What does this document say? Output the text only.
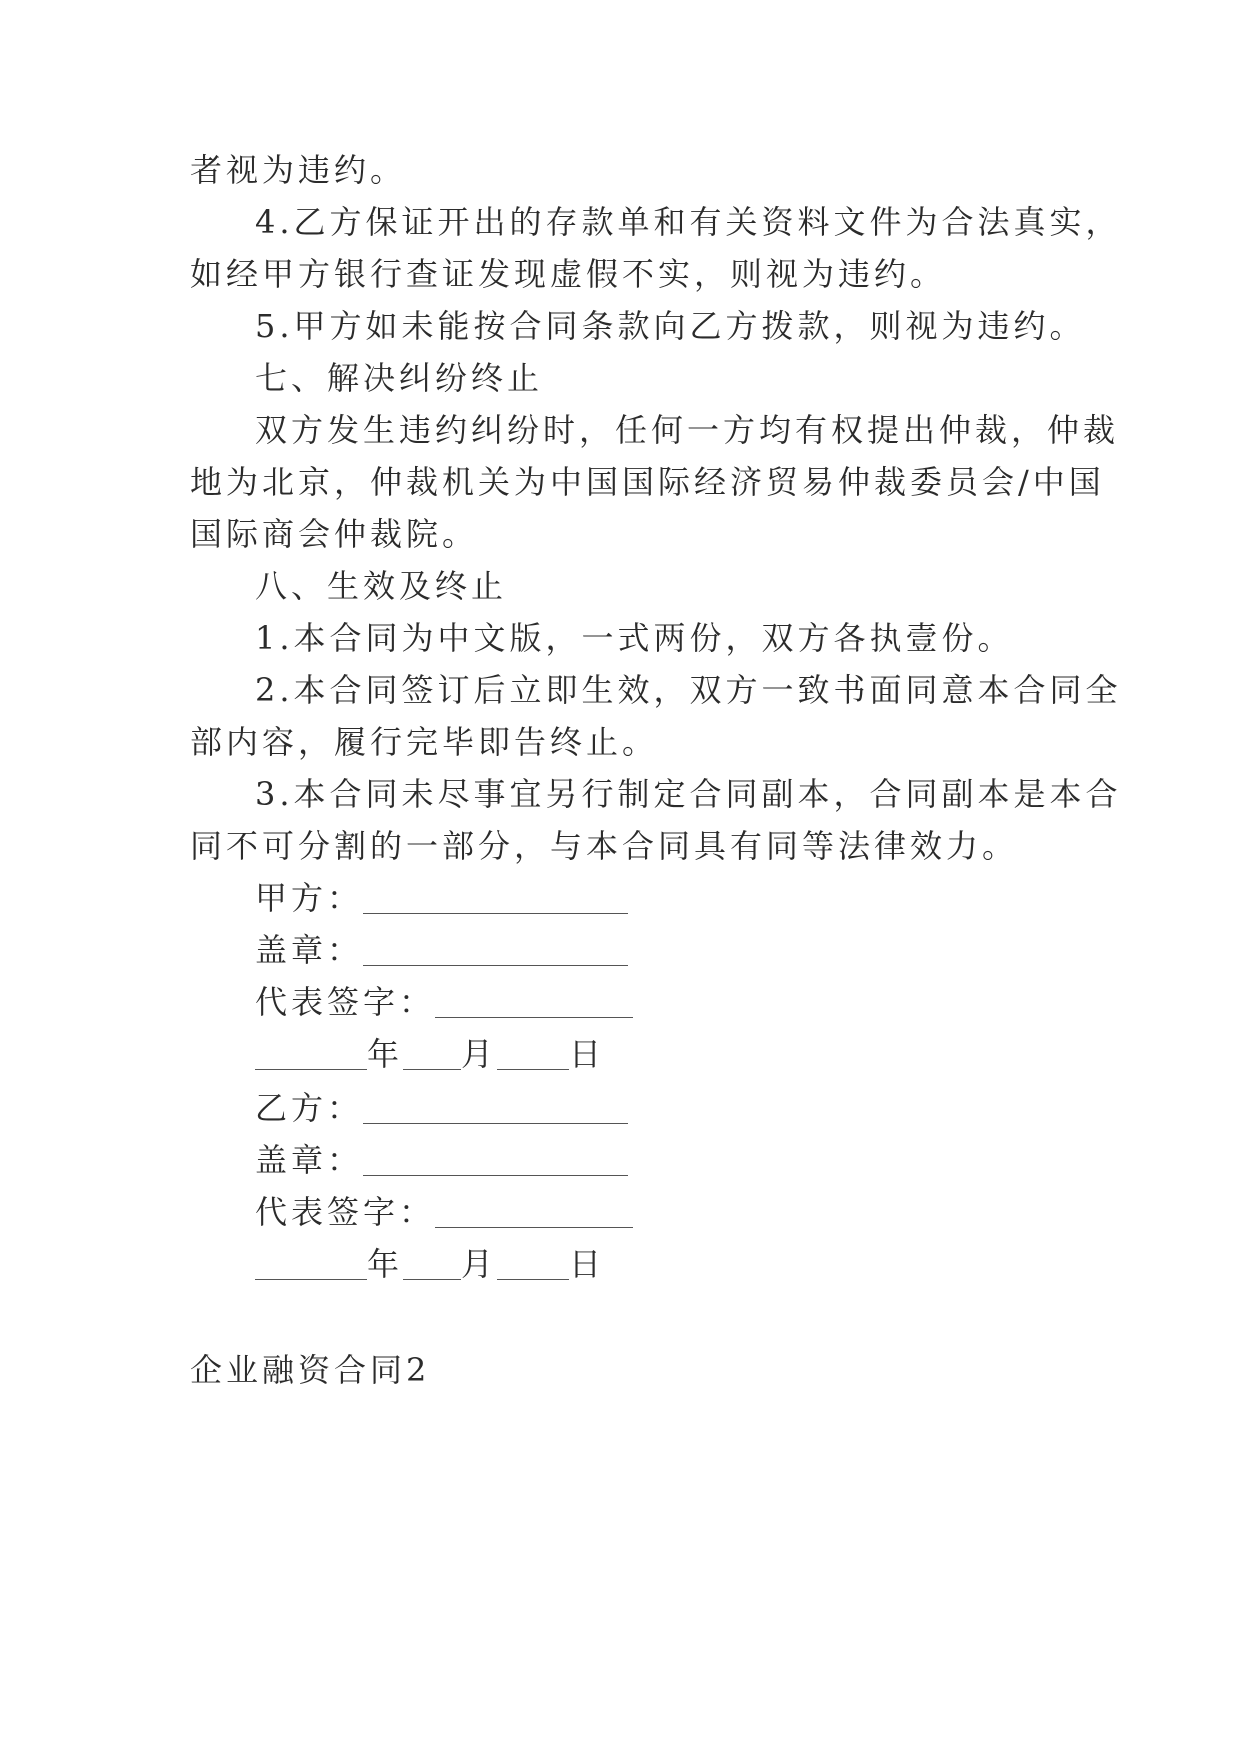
者视为违约。
4.乙方保证开出的存款单和有关资料文件为合法真实，
如经甲方银行查证发现虚假不实，则视为违约。
5.甲方如未能按合同条款向乙方拨款，则视为违约。
七、解决纠纷终止
双方发生违约纠纷时，任何一方均有权提出仲裁，仲裁
地为北京，仲裁机关为中国国际经济贸易仲裁委员会/中国
国际商会仲裁院。
八、生效及终止
1.本合同为中文版，一式两份，双方各执壹份。
2.本合同签订后立即生效，双方一致书面同意本合同全
部内容，履行完毕即告终止。
3.本合同未尽事宜另行制定合同副本，合同副本是本合
同不可分割的一部分，与本合同具有同等法律效力。
甲方：
盖章：
代表签字：
年 月 日
乙方：
盖章：
代表签字：
年 月 日
企业融资合同2
